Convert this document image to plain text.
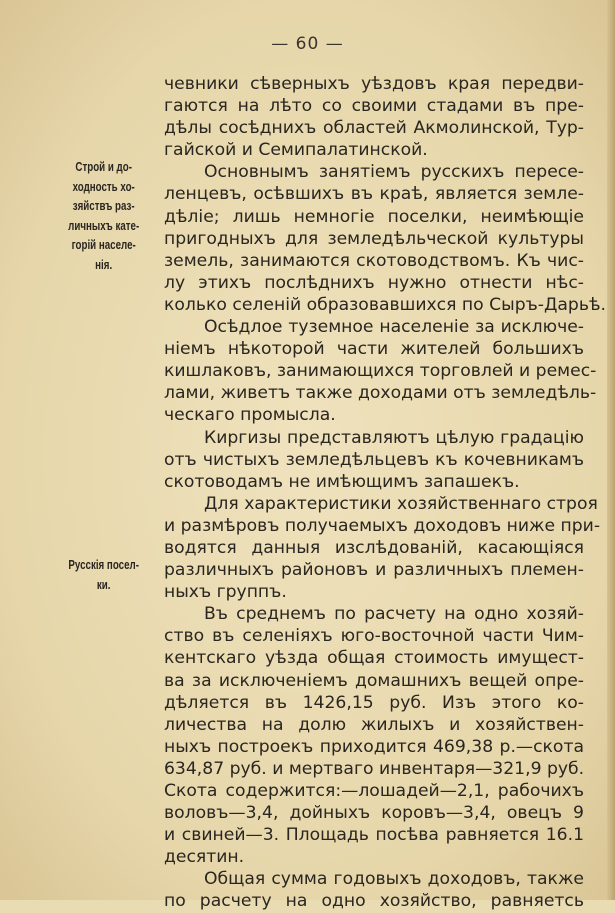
— 60 —
Строй и до-
ходность хо-
зяйствъ раз-
личныхъ кате-
горій населе-
нія.
Русскія посел-
ки.
чевники сѣверныхъ уѣздовъ края передви-
гаются на лѣто со своими стадами въ пре-
дѣлы сосѣднихъ областей Акмолинской, Тур-
гайской и Семипалатинской.
Основнымъ занятіемъ русскихъ пересе-
ленцевъ, осѣвшихъ въ краѣ, является земле-
дѣліе; лишь немногіе поселки, неимѣющіе
пригодныхъ для земледѣльческой культуры
земель, занимаются скотоводствомъ. Къ чис-
лу этихъ послѣднихъ нужно отнести нѣс-
колько селеній образовавшихся по Сыръ-Дарьѣ.
Осѣдлое туземное населеніе за исключе-
ніемъ нѣкоторой части жителей большихъ
кишлаковъ, занимающихся торговлей и ремес-
лами, живетъ также доходами отъ земледѣль-
ческаго промысла.
Киргизы представляютъ цѣлую градацію
отъ чистыхъ земледѣльцевъ къ кочевникамъ
скотоводамъ не имѣющимъ запашекъ.
Для характеристики хозяйственнаго строя
и размѣровъ получаемыхъ доходовъ ниже при-
водятся данныя изслѣдованій, касающіяся
различныхъ районовъ и различныхъ племен-
ныхъ группъ.
Въ среднемъ по расчету на одно хозяй-
ство въ селеніяхъ юго-восточной части Чим-
кентскаго уѣзда общая стоимость имущест-
ва за исключеніемъ домашнихъ вещей опре-
дѣляется въ 1426,15 руб. Изъ этого ко-
личества на долю жилыхъ и хозяйствен-
ныхъ построекъ приходится 469,38 р.—скота
634,87 руб. и мертваго инвентаря—321,9 руб.
Скота содержится:—лошадей—2,1, рабочихъ
воловъ—3,4, дойныхъ коровъ—3,4, овецъ 9
и свиней—3. Площадь посѣва равняется 16.1
десятин.
Общая сумма годовыхъ доходовъ, также
по расчету на одно хозяйство, равняетсь
